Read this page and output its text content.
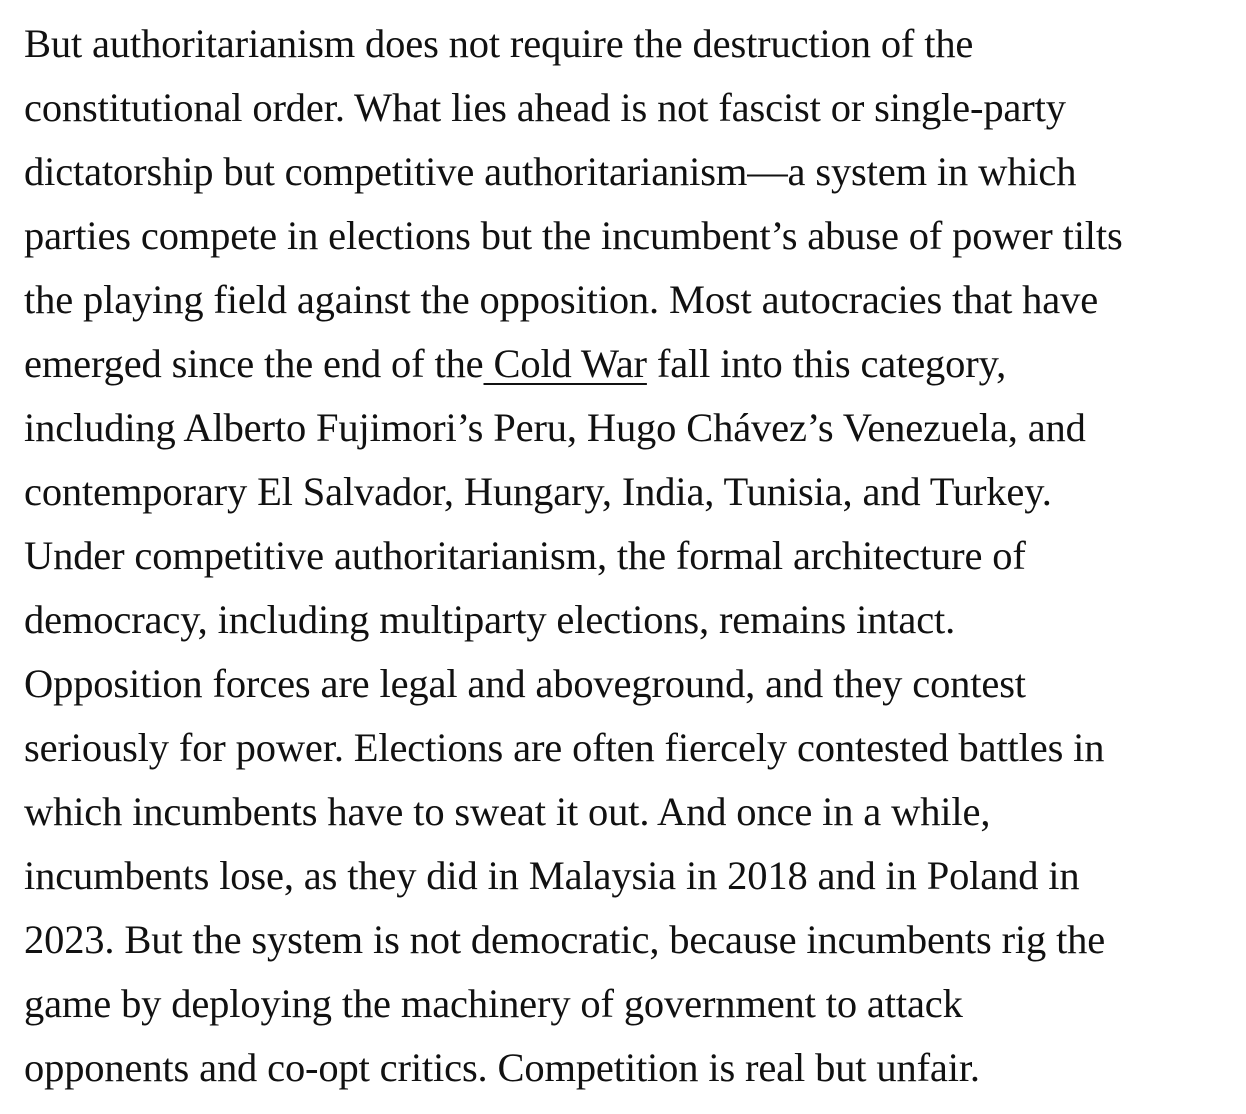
But authoritarianism does not require the destruction of the
constitutional order. What lies ahead is not fascist or single-party
dictatorship but competitive authoritarianism—a system in which
parties compete in elections but the incumbent’s abuse of power tilts
the playing field against the opposition. Most autocracies that have
emerged since the end of the Cold War fall into this category,
including Alberto Fujimori’s Peru, Hugo Chávez’s Venezuela, and
contemporary El Salvador, Hungary, India, Tunisia, and Turkey.
Under competitive authoritarianism, the formal architecture of
democracy, including multiparty elections, remains intact.
Opposition forces are legal and aboveground, and they contest
seriously for power. Elections are often fiercely contested battles in
which incumbents have to sweat it out. And once in a while,
incumbents lose, as they did in Malaysia in 2018 and in Poland in
2023. But the system is not democratic, because incumbents rig the
game by deploying the machinery of government to attack
opponents and co-opt critics. Competition is real but unfair.
